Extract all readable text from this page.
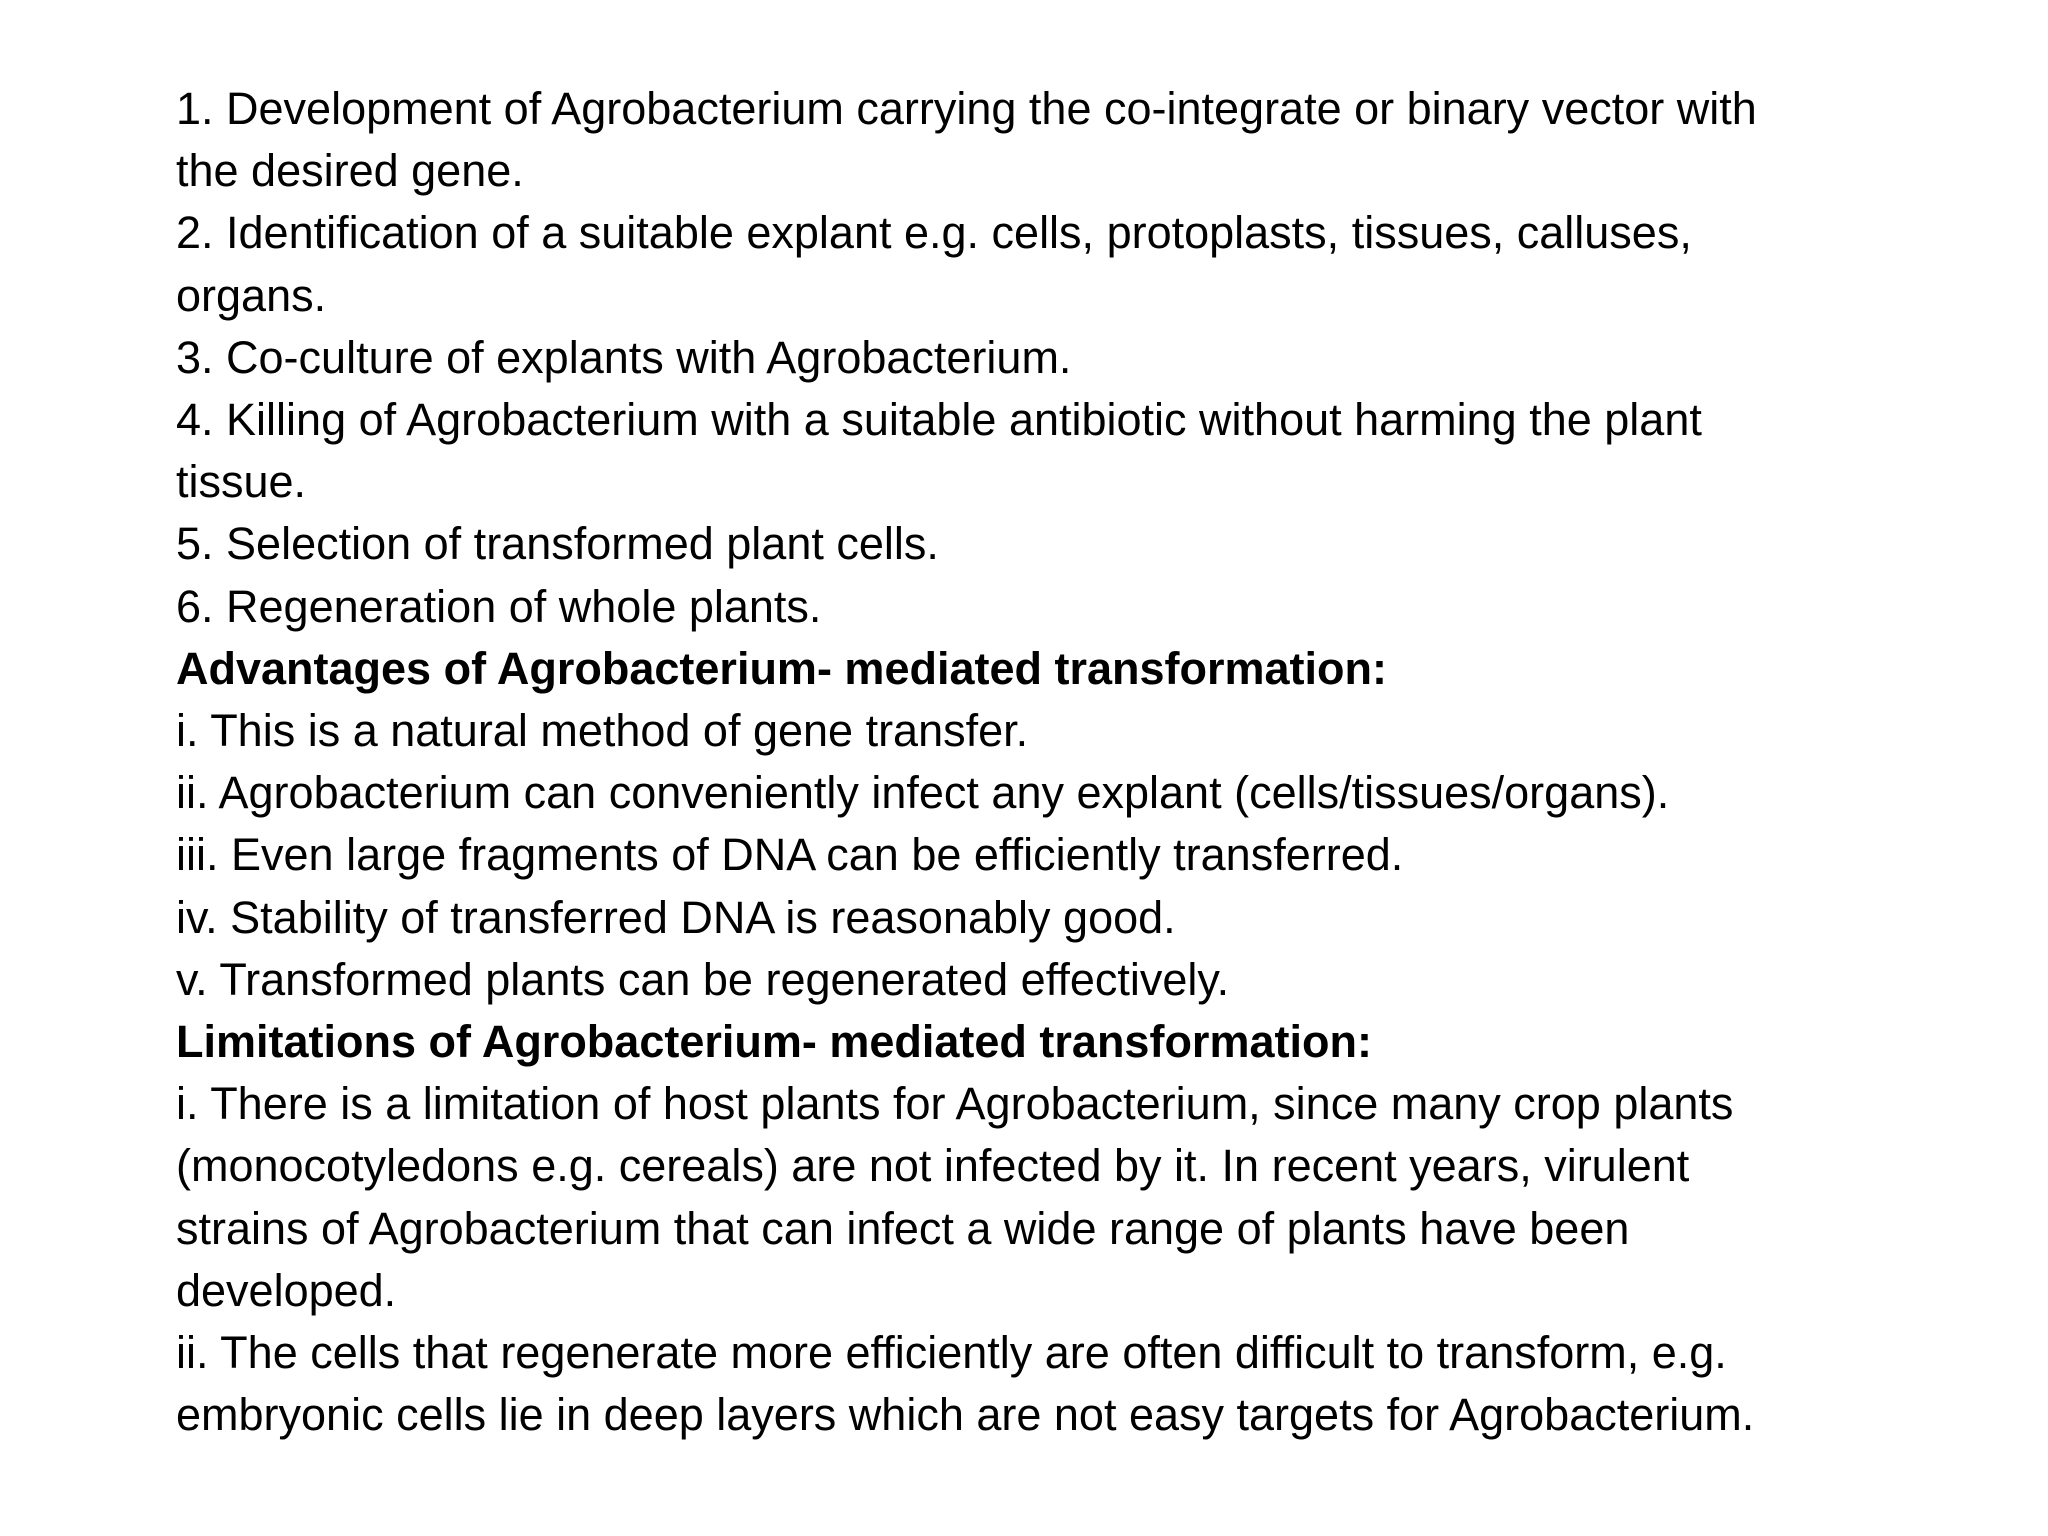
1. Development of Agrobacterium carrying the co-integrate or binary vector with
the desired gene.
2. Identification of a suitable explant e.g. cells, protoplasts, tissues, calluses,
organs.
3. Co-culture of explants with Agrobacterium.
4. Killing of Agrobacterium with a suitable antibiotic without harming the plant
tissue.
5. Selection of transformed plant cells.
6. Regeneration of whole plants.
Advantages of Agrobacterium- mediated transformation:
i. This is a natural method of gene transfer.
ii. Agrobacterium can conveniently infect any explant (cells/tissues/organs).
iii. Even large fragments of DNA can be efficiently transferred.
iv. Stability of transferred DNA is reasonably good.
v. Transformed plants can be regenerated effectively.
Limitations of Agrobacterium- mediated transformation:
i. There is a limitation of host plants for Agrobacterium, since many crop plants
(monocotyledons e.g. cereals) are not infected by it. In recent years, virulent
strains of Agrobacterium that can infect a wide range of plants have been
developed.
ii. The cells that regenerate more efficiently are often difficult to transform, e.g.
embryonic cells lie in deep layers which are not easy targets for Agrobacterium.
